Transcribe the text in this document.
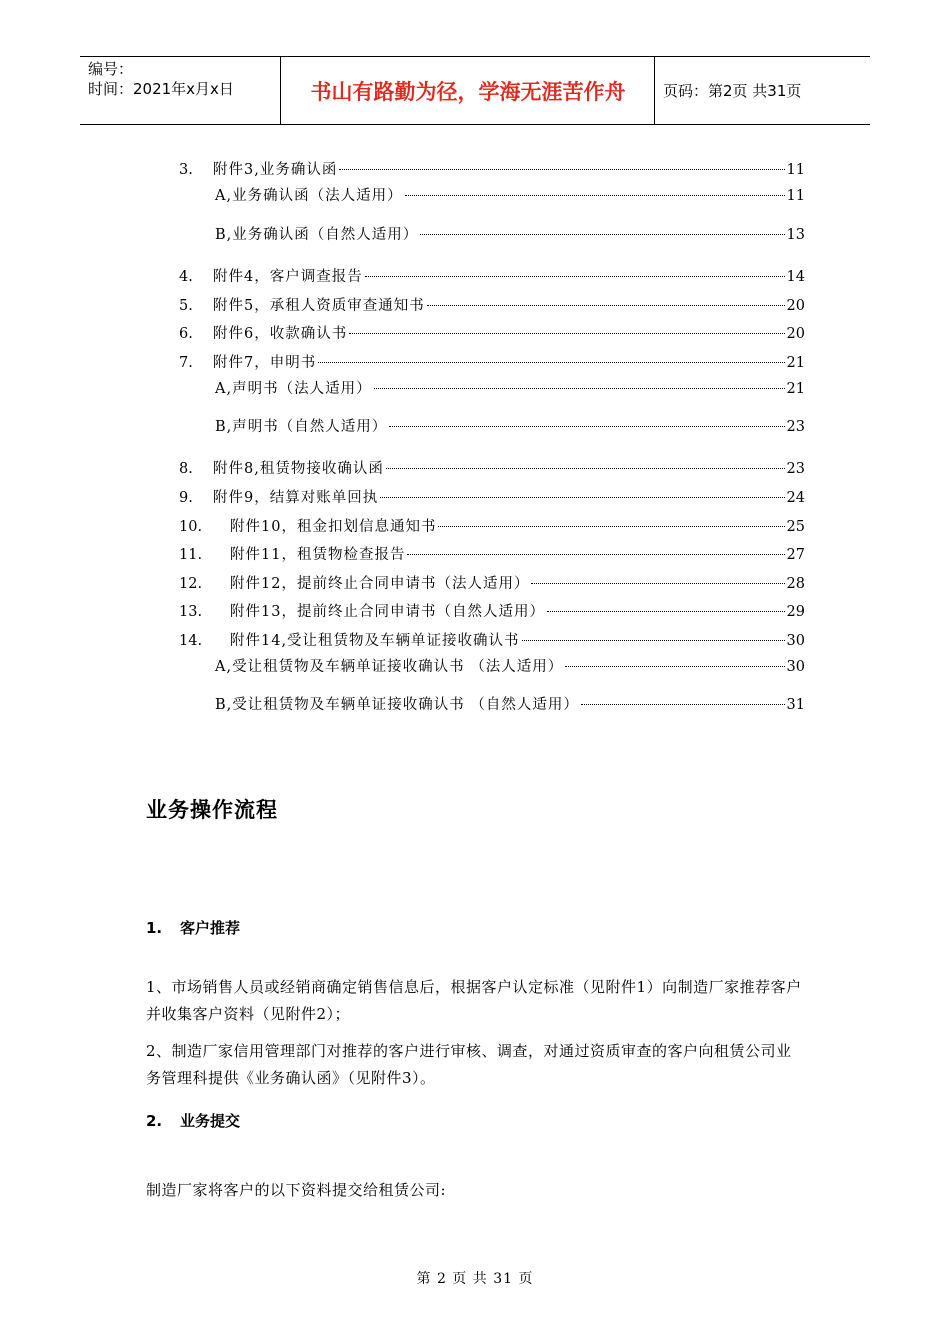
编号：
时间：2021年x月x日	书山有路勤为径，学海无涯苦作舟	页码：第2页 共31页
3. 附件3,业务确认函	11
A,业务确认函（法人适用）	11
B,业务确认函（自然人适用）	13
4. 附件4，客户调查报告	14
5. 附件5，承租人资质审查通知书	20
6. 附件6，收款确认书	20
7. 附件7，申明书	21
A,声明书（法人适用）	21
B,声明书（自然人适用）	23
8. 附件8,租赁物接收确认函	23
9. 附件9，结算对账单回执	24
10. 附件10，租金扣划信息通知书	25
11. 附件11，租赁物检查报告	27
12. 附件12，提前终止合同申请书（法人适用）	28
13. 附件13，提前终止合同申请书（自然人适用）	29
14. 附件14,受让租赁物及车辆单证接收确认书	30
A,受让租赁物及车辆单证接收确认书 （法人适用）	30
B,受让租赁物及车辆单证接收确认书 （自然人适用）	31
业务操作流程
1. 客户推荐
1、市场销售人员或经销商确定销售信息后，根据客户认定标准（见附件1）向制造厂家推荐客户并收集客户资料（见附件2）；
2、制造厂家信用管理部门对推荐的客户进行审核、调查，对通过资质审查的客户向租赁公司业务管理科提供《业务确认函》（见附件3）。
2. 业务提交
制造厂家将客户的以下资料提交给租赁公司:
第 2 页 共 31 页
